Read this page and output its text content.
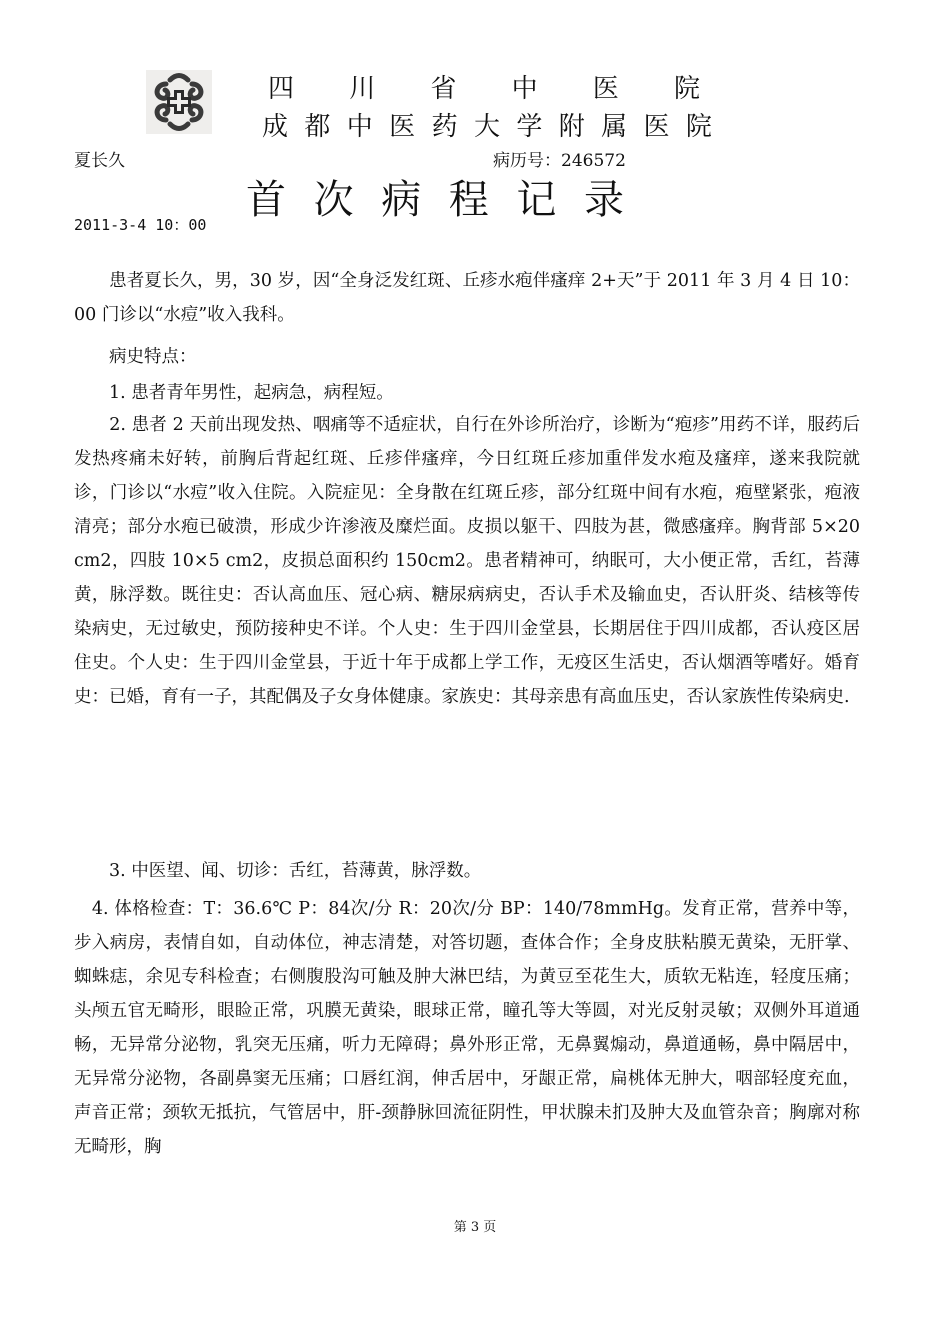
四 川 省 中 医 院
成 都 中 医 药 大 学 附 属 医 院
夏长久	病历号：246572
首 次 病 程 记 录
2011-3-4 10：00
　　患者夏长久，男，30 岁，因“全身泛发红斑、丘疹水疱伴瘙痒 2+天”于 2011 年 3 月 4 日 10：00 门诊以“水痘”收入我科。
　　病史特点：
　　1. 患者青年男性，起病急，病程短。
　　2. 患者 2 天前出现发热、咽痛等不适症状，自行在外诊所治疗，诊断为“疱疹”用药不详，服药后发热疼痛未好转，前胸后背起红斑、丘疹伴瘙痒，今日红斑丘疹加重伴发水疱及瘙痒，遂来我院就诊，门诊以“水痘”收入住院。入院症见：全身散在红斑丘疹，部分红斑中间有水疱，疱壁紧张，疱液清亮；部分水疱已破溃，形成少许渗液及糜烂面。皮损以躯干、四肢为甚，微感瘙痒。胸背部 5×20 cm2，四肢 10×5 cm2，皮损总面积约 150cm2。患者精神可，纳眠可，大小便正常，舌红，苔薄黄，脉浮数。既往史：否认高血压、冠心病、糖尿病病史，否认手术及输血史，否认肝炎、结核等传染病史，无过敏史，预防接种史不详。个人史：生于四川金堂县，长期居住于四川成都，否认疫区居住史。个人史：生于四川金堂县，于近十年于成都上学工作，无疫区生活史，否认烟酒等嗜好。婚育史：已婚，育有一子，其配偶及子女身体健康。家族史：其母亲患有高血压史，否认家族性传染病史.
　　3. 中医望、闻、切诊：舌红，苔薄黄，脉浮数。
　4. 体格检查：T：36.6℃ P：84次/分 R：20次/分 BP：140/78mmHg。发育正常，营养中等，步入病房，表情自如，自动体位，神志清楚，对答切题，查体合作；全身皮肤粘膜无黄染，无肝掌、蜘蛛痣，余见专科检查；右侧腹股沟可触及肿大淋巴结，为黄豆至花生大，质软无粘连，轻度压痛；头颅五官无畸形，眼睑正常，巩膜无黄染，眼球正常，瞳孔等大等圆，对光反射灵敏；双侧外耳道通畅，无异常分泌物，乳突无压痛，听力无障碍；鼻外形正常，无鼻翼煽动，鼻道通畅，鼻中隔居中，无异常分泌物，各副鼻窦无压痛；口唇红润，伸舌居中，牙龈正常，扁桃体无肿大，咽部轻度充血，声音正常；颈软无抵抗，气管居中，肝-颈静脉回流征阴性，甲状腺未扪及肿大及血管杂音；胸廓对称无畸形，胸
第 3 页
